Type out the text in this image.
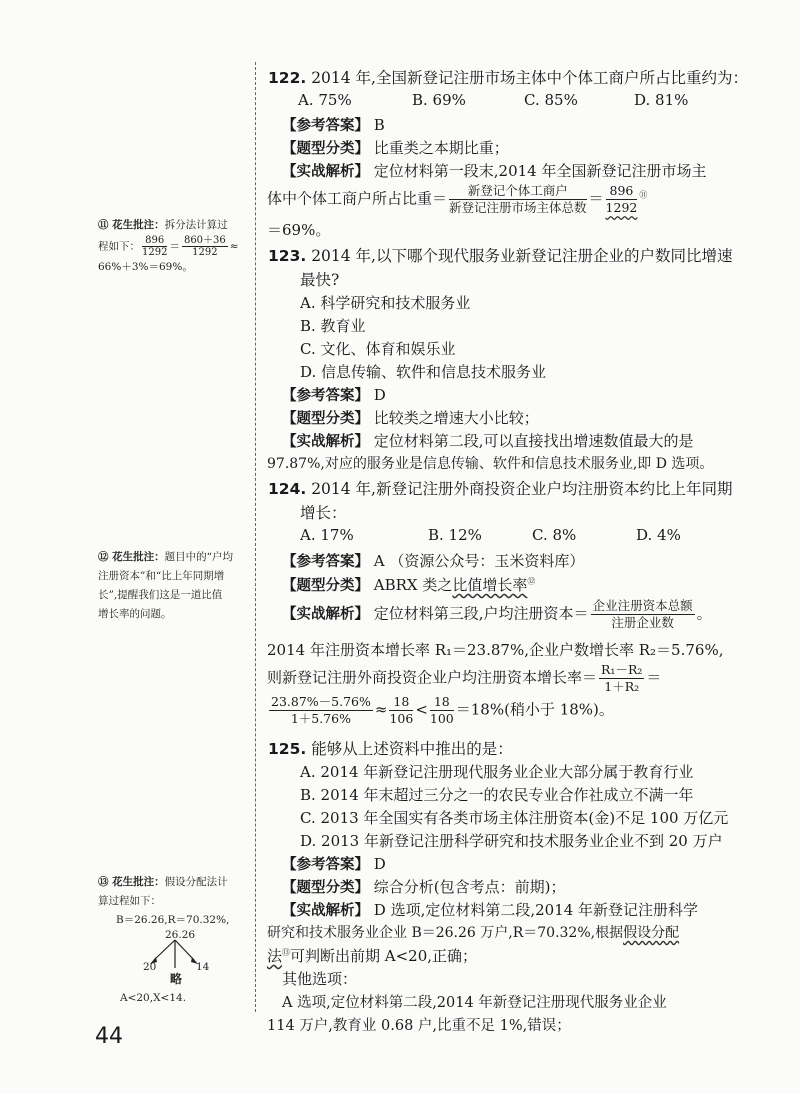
122. 2014 年,全国新登记注册市场主体中个体工商户所占比重约为：
A. 75%	B. 69%	C. 85%	D. 81%
【参考答案】 B
【题型分类】 比重类之本期比重；
【实战解析】 定位材料第一段末,2014 年全国新登记注册市场主
体中个体工商户所占比重＝ $\frac{\text{新登记个体工商户}}{\text{新登记注册市场主体总数}} = \frac{896}{1292} ^⑪$
＝69%。
123. 2014 年,以下哪个现代服务业新登记注册企业的户数同比增速
最快?
A. 科学研究和技术服务业
B. 教育业
C. 文化、体育和娱乐业
D. 信息传输、软件和信息技术服务业
【参考答案】 D
【题型分类】 比较类之增速大小比较；
【实战解析】 定位材料第二段,可以直接找出增速数值最大的是
97.87%,对应的服务业是信息传输、软件和信息技术服务业,即 D 选项。
124. 2014 年,新登记注册外商投资企业户均注册资本约比上年同期
增长：
A. 17%	B. 12%	C. 8%	D. 4%
【参考答案】 A （资源公众号：玉米资料库）
【题型分类】 ABRX 类之比值增长率⑫
【实战解析】 定位材料第三段,户均注册资本＝ $\frac{\text{企业注册资本总额}}{\text{注册企业数}}$ 。
2014 年注册资本增长率 R₁＝23.87%,企业户数增长率 R₂＝5.76%,
则新登记注册外商投资企业户均注册资本增长率＝ $\frac{\text{R₁－R₂}}{\text{1＋R₂}}$ ＝
$\frac{23.87\%-5.76\%}{1+5.76\%} \approx \frac{18}{106} < \frac{18}{100} =18\%$(稍小于 18%)。
125. 能够从上述资料中推出的是：
A. 2014 年新登记注册现代服务业企业大部分属于教育行业
B. 2014 年末超过三分之一的农民专业合作社成立不满一年
C. 2013 年全国实有各类市场主体注册资本(金)不足 100 万亿元
D. 2013 年新登记注册科学研究和技术服务业企业不到 20 万户
【参考答案】 D
【题型分类】 综合分析(包含考点：前期)；
【实战解析】 D 选项,定位材料第二段,2014 年新登记注册科学
研究和技术服务业企业 B＝26.26 万户,R＝70.32%,根据假设分配
法⑬可判断出前期 A<20,正确；
其他选项：
A 选项,定位材料第二段,2014 年新登记注册现代服务业企业
114 万户,教育业 0.68 户,比重不足 1%,错误；
⑪ 花生批注：拆分法计算过
程如下： $\frac{896}{1292} = \frac{860+36}{1292}$ ≈
66%＋3%＝69%。
⑫ 花生批注：题目中的“户均
注册资本”和“比上年同期增
长”,提醒我们这是一道比值
增长率的问题。
⑬ 花生批注：假设分配法计
算过程如下：
B＝26.26,R＝70.32%,
26.26
20	14
略
A<20,X<14.
44
